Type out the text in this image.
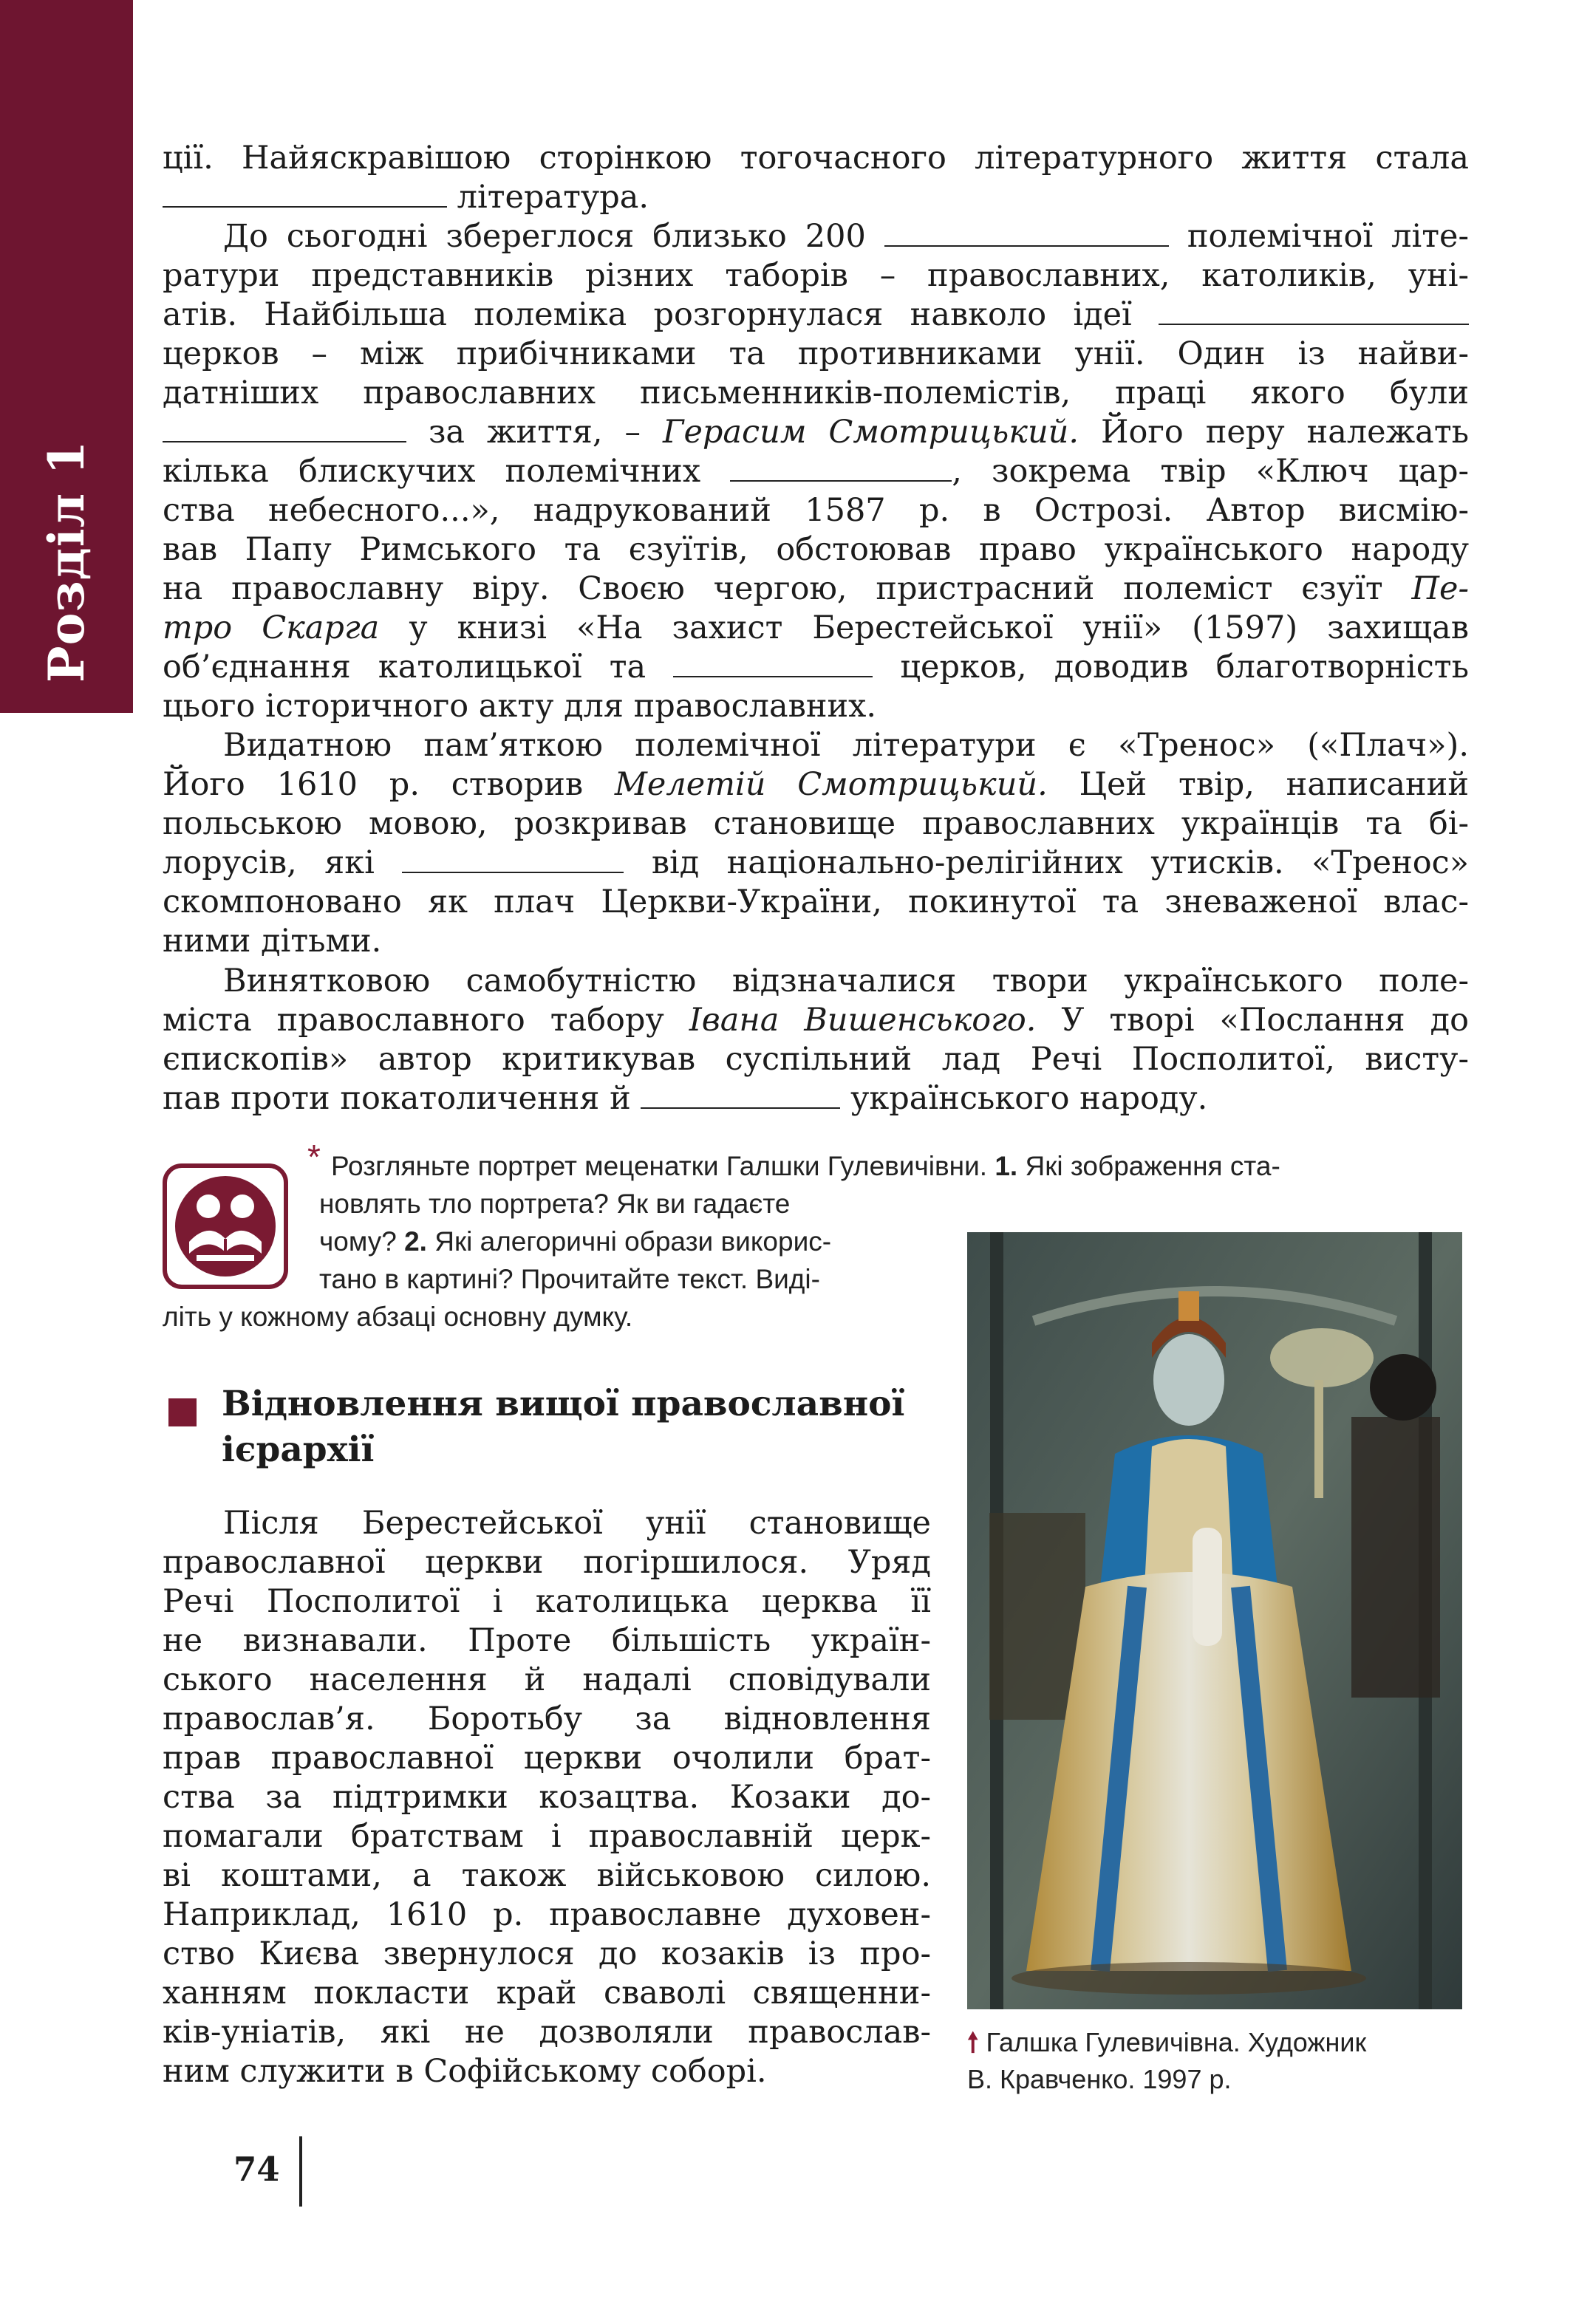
Розділ 1
ції. Найяскравішою сторінкою тогочасного літературного життя стала
література.
До сьогодні збереглося близько 200	полемічної літе-
ратури представників різних таборів – православних, католиків, уні-
атів. Найбільша полеміка розгорнулася навколо ідеї
церков – між прибічниками та противниками унії. Один із найви-
датніших православних письменників-полемістів, праці якого були
за життя, – Герасим Смотрицький. Його перу належать
кілька блискучих полемічних	, зокрема твір «Ключ цар-
ства небесного...», надрукований 1587 р. в Острозі. Автор висмію-
вав Папу Римського та єзуїтів, обстоював право українського народу
на православну віру. Своєю чергою, пристрасний полеміст єзуїт Пе-
тро Скарга у книзі «На захист Берестейської унії» (1597) захищав
об’єднання католицької та	церков, доводив благотворність
цього історичного акту для православних.
Видатною пам’яткою полемічної літератури є «Тренос» («Плач»).
Його 1610 р. створив Мелетій Смотрицький. Цей твір, написаний
польською мовою, розкривав становище православних українців та бі-
лорусів, які	від національно-релігійних утисків. «Тренос»
скомпоновано як плач Церкви-України, покинутої та зневаженої влас-
ними дітьми.
Винятковою самобутністю відзначалися твори українського поле-
міста православного табору Івана Вишенського. У творі «Послання до
єпископів» автор критикував суспільний лад Речі Посполитої, висту-
пав проти покатоличення й	українського народу.
* Розгляньте портрет меценатки Галшки Гулевичівни. 1. Які зображення ста-
новлять тло портрета? Як ви гадаєте
чому? 2. Які алегоричні образи викорис-
тано в картині? Прочитайте текст. Виді-
літь у кожному абзаці основну думку.
🠕 Галшка Гулевичівна. Художник
В. Кравченко. 1997 р.
Відновлення вищої православної
ієрархії
Після Берестейської унії становище
православної церкви погіршилося. Уряд
Речі Посполитої і католицька церква її
не визнавали. Проте більшість україн-
ського населення й надалі сповідували
православ’я. Боротьбу за відновлення
прав православної церкви очолили брат-
ства за підтримки козацтва. Козаки до-
помагали братствам і православній церк-
ві коштами, а також військовою силою.
Наприклад, 1610 р. православне духовен-
ство Києва звернулося до козаків із про-
ханням покласти край сваволі священни-
ків-уніатів, які не дозволяли православ-
ним служити в Софійському соборі.
74
